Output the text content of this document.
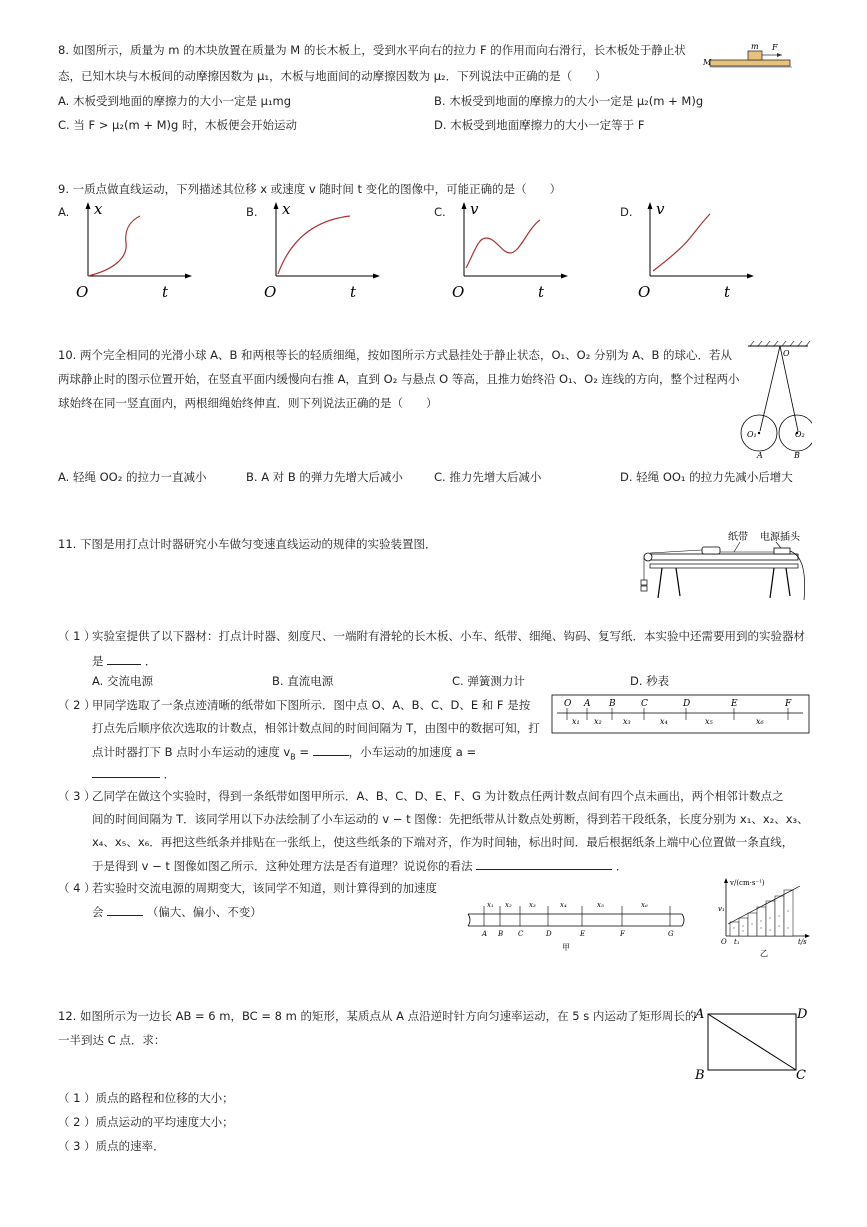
8. 如图所示，质量为 m 的木块放置在质量为 M 的长木板上，受到水平向右的拉力 F 的作用而向右滑行，长木板处于静止状
态，已知木块与木板间的动摩擦因数为 μ₁，木板与地面间的动摩擦因数为 μ₂．下列说法中正确的是（　　）
A. 木板受到地面的摩擦力的大小一定是 μ₁mg	B. 木板受到地面的摩擦力的大小一定是 μ₂(m + M)g
C. 当 F > μ₂(m + M)g 时，木板便会开始运动	D. 木板受到地面摩擦力的大小一定等于 F
m F
M
9. 一质点做直线运动，下列描述其位移 x 或速度 v 随时间 t 变化的图像中，可能正确的是（　　）
A. x
O	t
B. x
O	t
C. v
O	t
D. v
O	t
10. 两个完全相同的光滑小球 A、B 和两根等长的轻质细绳，按如图所示方式悬挂处于静止状态，O₁、O₂ 分别为 A、B 的球心．若从
两球静止时的图示位置开始，在竖直平面内缓慢向右推 A，直到 O₂ 与悬点 O 等高，且推力始终沿 O₁、O₂ 连线的方向，整个过程两小
球始终在同一竖直面内，两根细绳始终伸直．则下列说法正确的是（　　）
A. 轻绳 OO₂ 的拉力一直减小	B. A 对 B 的弹力先增大后减小	C. 推力先增大后减小	D. 轻绳 OO₁ 的拉力先减小后增大
O
O₁	O₂
A	B
11. 下图是用打点计时器研究小车做匀变速直线运动的规律的实验装置图．	纸带 电源插头
（ 1 ）
实验室提供了以下器材：打点计时器、刻度尺、一端附有滑轮的长木板、小车、纸带、细绳、钩码、复写纸．本实验中还需要用到的实验器材
是	．
A. 交流电源	B. 直流电源	C. 弹簧测力计	D. 秒表
（ 2 ）
甲同学选取了一条点迹清晰的纸带如下图所示．图中点 O、A、B、C、D、E 和 F 是按
打点先后顺序依次选取的计数点，相邻计数点间的时间间隔为 T，由图中的数据可知，打
点计时器打下 B 点时小车运动的速度 $v_B$ =	，小车运动的加速度 a =
．
O A B	C	D	E	F
x₁ x₂	x₃	x₄	x₅	x₆
（ 3 ）
乙同学在做这个实验时，得到一条纸带如图甲所示．A、B、C、D、E、F、G 为计数点任两计数点间有四个点未画出，两个相邻计数点之
间的时间间隔为 T．该同学用以下办法绘制了小车运动的 v − t 图像：先把纸带从计数点处剪断，得到若干段纸条，长度分别为 x₁、x₂、x₃、
x₄、x₅、x₆．再把这些纸条并排贴在一张纸上，使这些纸条的下端对齐，作为时间轴，标出时间．最后根据纸条上端中心位置做一条直线，
于是得到 v − t 图像如图乙所示．这种处理方法是否有道理？说说你的看法	．
（ 4 ）
若实验时交流电源的周期变大，该同学不知道，则计算得到的加速度
会	（偏大、偏小、不变）	x₁ x₂ x₃	x₄	x₅	x₆
A B C	D	E	F	G
甲
v/(cm·s⁻¹)
v₁
O t₁	t/s
乙
12. 如图所示为一边长 AB = 6 m，BC = 8 m 的矩形，某质点从 A 点沿逆时针方向匀速率运动，在 5 s 内运动了矩形周长的
一半到达 C 点．求：
（ 1 ）质点的路程和位移的大小；
（ 2 ）质点运动的平均速度大小；
（ 3 ）质点的速率．
A	D
B	C
